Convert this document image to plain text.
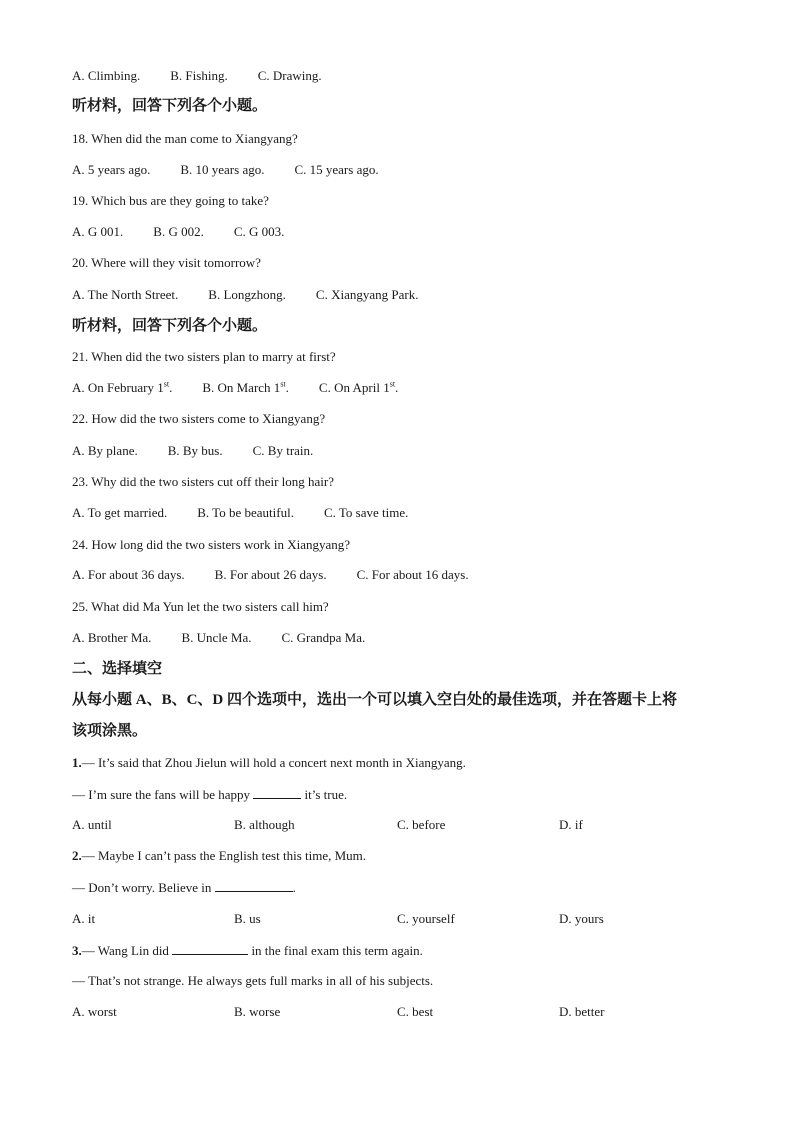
A. Climbing. B. Fishing. C. Drawing.
听材料，回答下列各个小题。
18. When did the man come to Xiangyang?
A. 5 years ago. B. 10 years ago. C. 15 years ago.
19. Which bus are they going to take?
A. G 001. B. G 002. C. G 003.
20. Where will they visit tomorrow?
A. The North Street. B. Longzhong. C. Xiangyang Park.
听材料，回答下列各个小题。
21. When did the two sisters plan to marry at first?
A. On February 1st. B. On March 1st. C. On April 1st.
22. How did the two sisters come to Xiangyang?
A. By plane. B. By bus. C. By train.
23. Why did the two sisters cut off their long hair?
A. To get married. B. To be beautiful. C. To save time.
24. How long did the two sisters work in Xiangyang?
A. For about 36 days. B. For about 26 days. C. For about 16 days.
25. What did Ma Yun let the two sisters call him?
A. Brother Ma. B. Uncle Ma. C. Grandpa Ma.
二、选择填空
从每小题 A、B、C、D 四个选项中，选出一个可以填入空白处的最佳选项，并在答题卡上将
该项涂黑。
1.— It’s said that Zhou Jielun will hold a concert next month in Xiangyang.
— I’m sure the fans will be happy	it’s true.
A. until	B. although	C. before	D. if
2.— Maybe I can’t pass the English test this time, Mum.
— Don’t worry. Believe in	.
A. it	B. us	C. yourself	D. yours
3.— Wang Lin did	in the final exam this term again.
— That’s not strange. He always gets full marks in all of his subjects.
A. worst	B. worse	C. best	D. better
